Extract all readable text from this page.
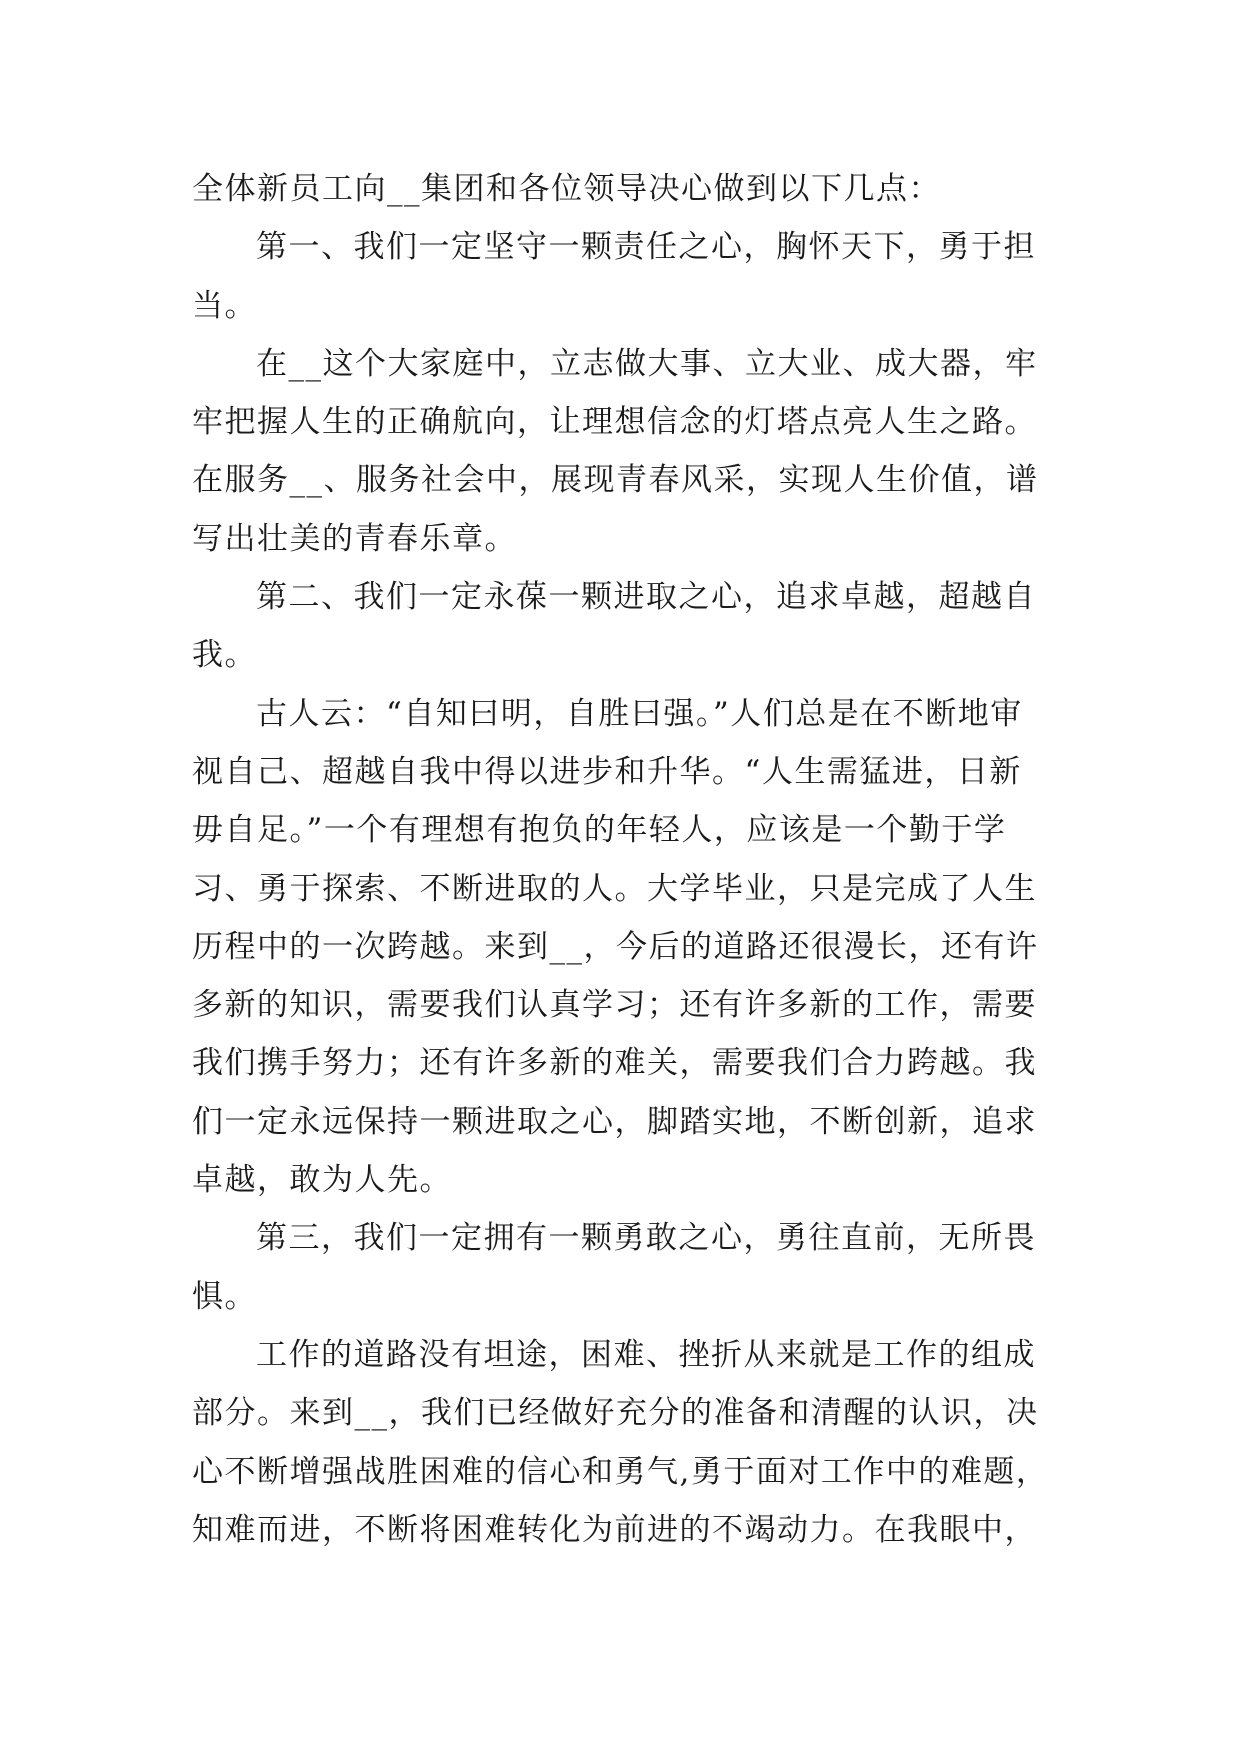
全体新员工向__集团和各位领导决心做到以下几点：
第一、我们一定坚守一颗责任之心，胸怀天下，勇于担
当。
在__这个大家庭中，立志做大事、立大业、成大器，牢
牢把握人生的正确航向，让理想信念的灯塔点亮人生之路。
在服务__、服务社会中，展现青春风采，实现人生价值，谱
写出壮美的青春乐章。
第二、我们一定永葆一颗进取之心，追求卓越，超越自
我。
古人云：“自知曰明，自胜曰强。”人们总是在不断地审
视自己、超越自我中得以进步和升华。“人生需猛进，日新
毋自足。”一个有理想有抱负的年轻人，应该是一个勤于学
习、勇于探索、不断进取的人。大学毕业，只是完成了人生
历程中的一次跨越。来到__，今后的道路还很漫长，还有许
多新的知识，需要我们认真学习；还有许多新的工作，需要
我们携手努力；还有许多新的难关，需要我们合力跨越。我
们一定永远保持一颗进取之心，脚踏实地，不断创新，追求
卓越，敢为人先。
第三，我们一定拥有一颗勇敢之心，勇往直前，无所畏
惧。
工作的道路没有坦途，困难、挫折从来就是工作的组成
部分。来到__，我们已经做好充分的准备和清醒的认识，决
心不断增强战胜困难的信心和勇气,勇于面对工作中的难题，
知难而进，不断将困难转化为前进的不竭动力。在我眼中，
